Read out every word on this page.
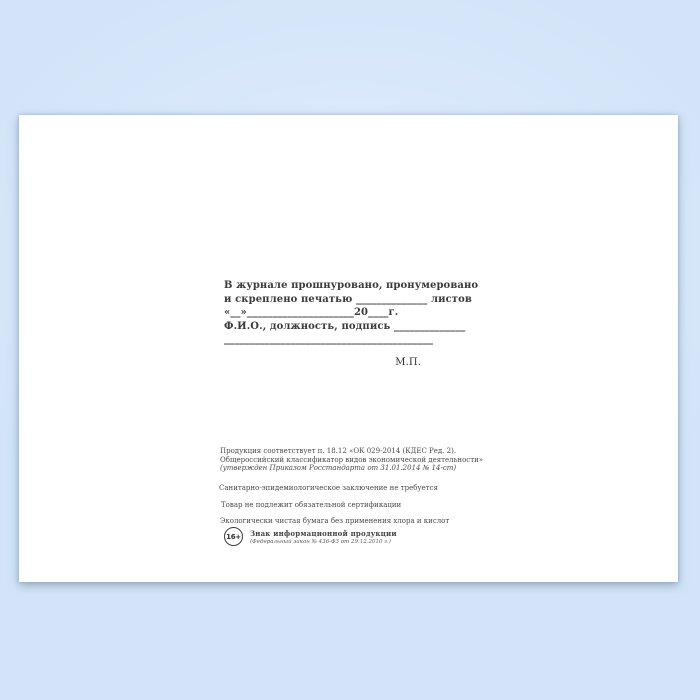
В журнале прошнуровано, пронумеровано
и скреплено печатью ______________ листов
«__»_____________________20____г.
Ф.И.О., должность, подпись ______________
_________________________________________
М.П.
Продукция соответствует п. 18.12 «ОК 029-2014 (КДЕС Ред. 2).
Общероссийский классификатор видов экономической деятельности»
(утвержден Приказом Росстандарта от 31.01.2014 № 14-ст)
Санитарно-эпидемиологическое заключение не требуется
Товар не подлежит обязательной сертификации
Экологически чистая бумага без применения хлора и кислот
16+	Знак информационной продукции
(Федеральный закон № 436-ФЗ от 29.12.2010 г.)
